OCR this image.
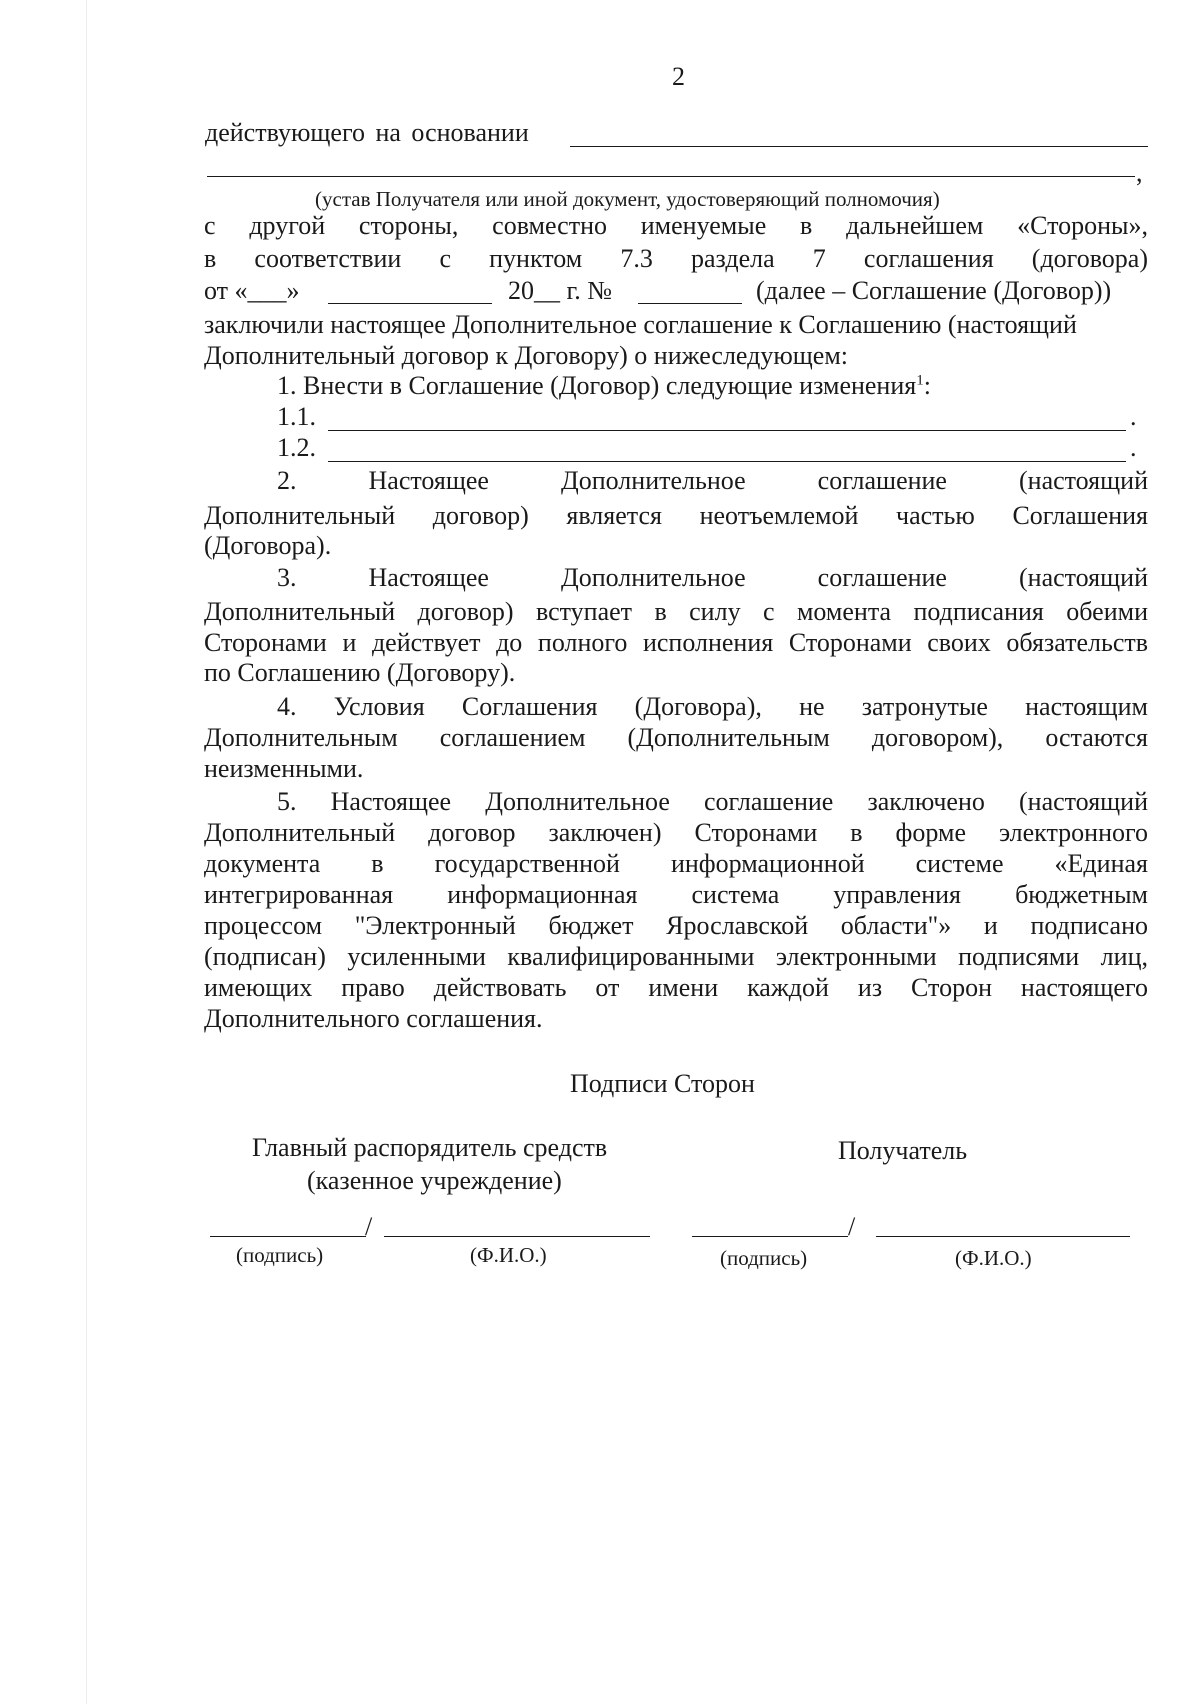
2
действующего на основании
,
(устав Получателя или иной документ, удостоверяющий полномочия)
с другой стороны, совместно именуемые в дальнейшем «Стороны»,
в соответствии с пунктом 7.3 раздела 7 соглашения (договора)
от «___»	20__ г. №	(далее – Соглашение (Договор))
заключили настоящее Дополнительное соглашение к Соглашению (настоящий
Дополнительный договор к Договору) о нижеследующем:
1. Внести в Соглашение (Договор) следующие изменения$^1$:
1.1.	.
1.2.	.
2. Настоящее Дополнительное соглашение (настоящий
Дополнительный договор) является неотъемлемой частью Соглашения
(Договора).
3. Настоящее Дополнительное соглашение (настоящий
Дополнительный договор) вступает в силу с момента подписания обеими
Сторонами и действует до полного исполнения Сторонами своих обязательств
по Соглашению (Договору).
4. Условия Соглашения (Договора), не затронутые настоящим
Дополнительным соглашением (Дополнительным договором), остаются
неизменными.
5. Настоящее Дополнительное соглашение заключено (настоящий
Дополнительный договор заключен) Сторонами в форме электронного
документа в государственной информационной системе «Единая
интегрированная информационная система управления бюджетным
процессом "Электронный бюджет Ярославской области"» и подписано
(подписан) усиленными квалифицированными электронными подписями лиц,
имеющих право действовать от имени каждой из Сторон настоящего
Дополнительного соглашения.
Подписи Сторон
Главный распорядитель средств
(казенное учреждение)
Получатель
/
(подпись)	(Ф.И.О.)
/
(подпись)	(Ф.И.О.)
